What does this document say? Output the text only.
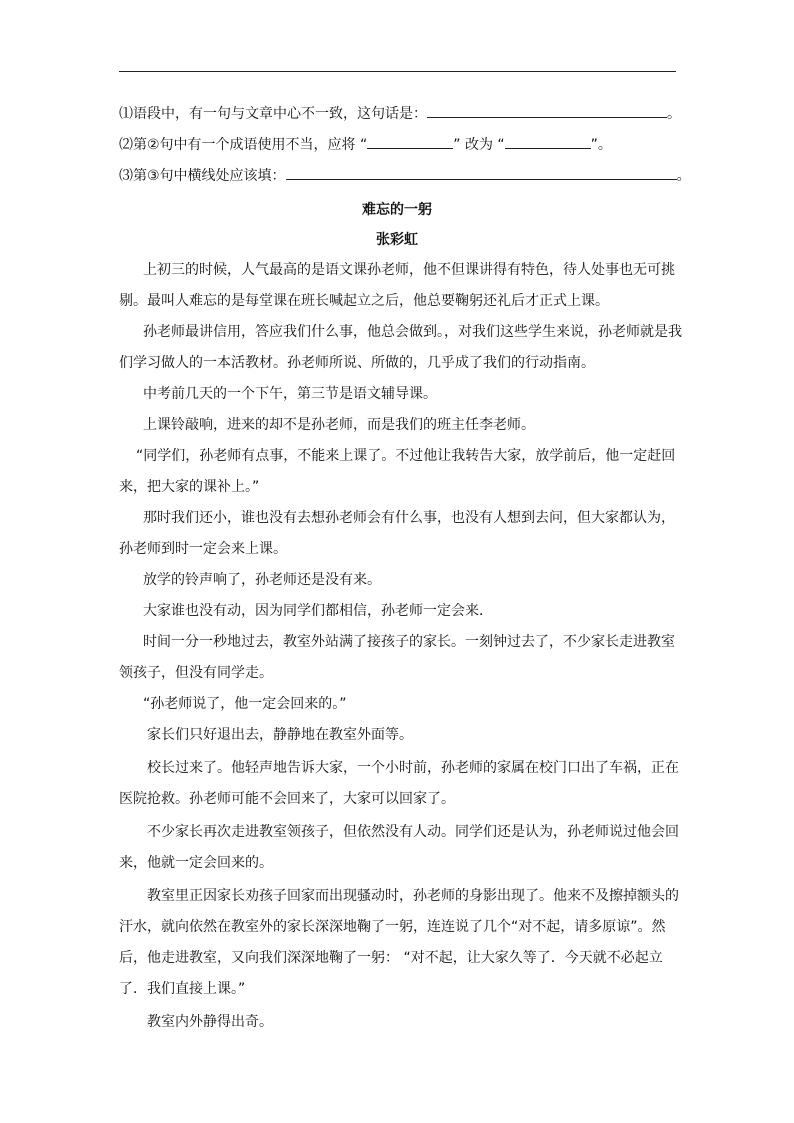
⑴语段中，有一句与文章中心不一致，这句话是：	。
⑵第②句中有一个成语使用不当，应将 “	” 改为 “	”。
⑶第③句中横线处应该填：	。
难忘的一躬
张彩虹
上初三的时候，人气最高的是语文课孙老师，他不但课讲得有特色，待人处事也无可挑
剔。最叫人难忘的是每堂课在班长喊起立之后，他总要鞠躬还礼后才正式上课。
孙老师最讲信用，答应我们什么事，他总会做到。，对我们这些学生来说，孙老师就是我
们学习做人的一本活教材。孙老师所说、所做的，几乎成了我们的行动指南。
中考前几天的一个下午，第三节是语文辅导课。
上课铃敲响，进来的却不是孙老师，而是我们的班主任李老师。
“同学们，孙老师有点事，不能来上课了。不过他让我转告大家，放学前后，他一定赶回
来，把大家的课补上。”
那时我们还小，谁也没有去想孙老师会有什么事，也没有人想到去问，但大家都认为，
孙老师到时一定会来上课。
放学的铃声响了，孙老师还是没有来。
大家谁也没有动，因为同学们都相信，孙老师一定会来．
时间一分一秒地过去，教室外站满了接孩子的家长。一刻钟过去了，不少家长走进教室
领孩子，但没有同学走。
“孙老师说了，他一定会回来的。”
家长们只好退出去，静静地在教室外面等。
校长过来了。他轻声地告诉大家，一个小时前，孙老师的家属在校门口出了车祸，正在
医院抢救。孙老师可能不会回来了，大家可以回家了。
不少家长再次走进教室领孩子，但依然没有人动。同学们还是认为，孙老师说过他会回
来，他就一定会回来的。
教室里正因家长劝孩子回家而出现骚动时，孙老师的身影出现了。他来不及擦掉额头的
汗水，就向依然在教室外的家长深深地鞠了一躬，连连说了几个“对不起，请多原谅”。然
后，他走进教室，又向我们深深地鞠了一躬： “对不起，让大家久等了．今天就不必起立
了．我们直接上课。”
教室内外静得出奇。
